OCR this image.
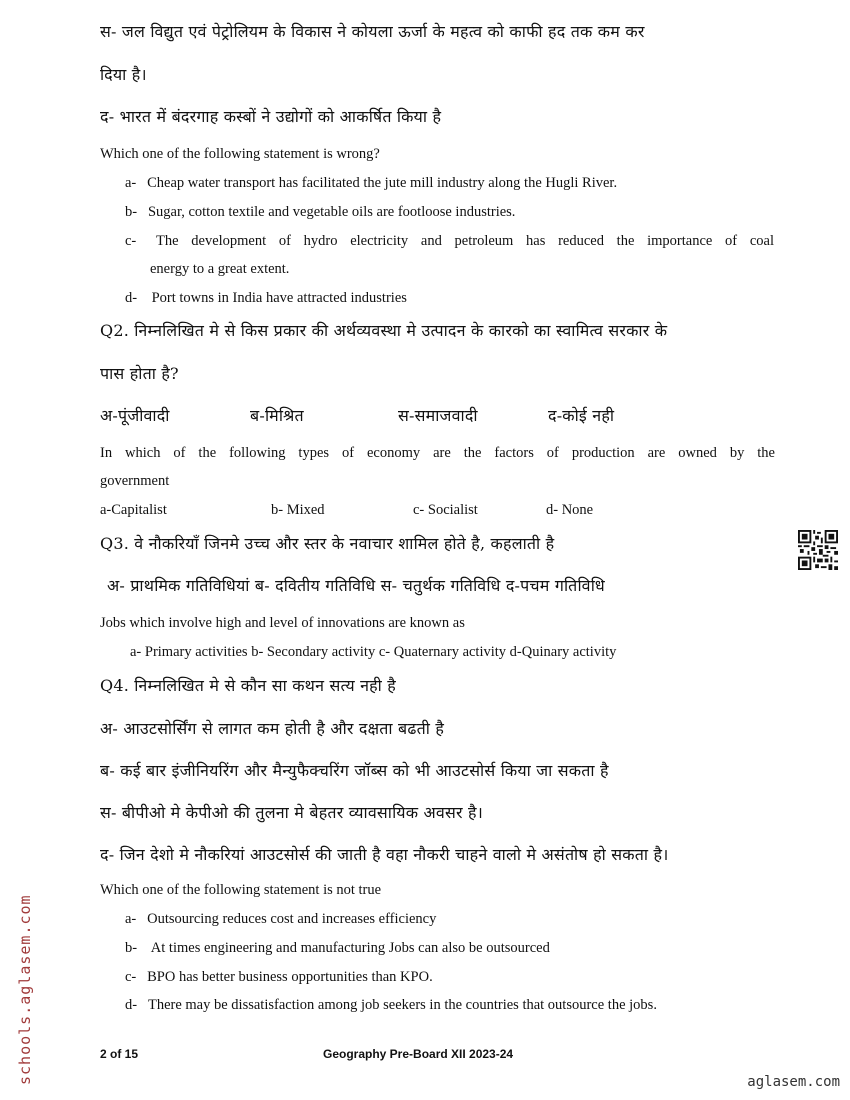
स- जल विद्युत एवं पेट्रोलियम के विकास ने कोयला ऊर्जा के महत्व को काफी हद तक कम कर
दिया है।
द- भारत में बंदरगाह कस्बों ने उद्योगों को आकर्षित किया है
Which one of the following statement is wrong?
a- Cheap water transport has facilitated the jute mill industry along the Hugli River.
b- Sugar, cotton textile and vegetable oils are footloose industries.
c- The development of hydro electricity and petroleum has reduced the importance of coal
energy to a great extent.
d- Port towns in India have attracted industries
Q2. निम्नलिखित मे से किस प्रकार की अर्थव्यवस्था मे उत्पादन के कारको का स्वामित्व सरकार के
पास होता है?
अ-पूंजीवादी	ब-मिश्रित	स-समाजवादी	द-कोई नही
In which of the following types of economy are the factors of production are owned by the
government
a-Capitalist	b- Mixed	c- Socialist	d- None
Q3. वे नौकरियाँ जिनमे उच्च और स्तर के नवाचार शामिल होते है, कहलाती है
अ- प्राथमिक गतिविधियां ब- दवितीय गतिविधि स- चतुर्थक गतिविधि द-पचम गतिविधि
Jobs which involve high and level of innovations are known as
a- Primary activities b- Secondary activity c- Quaternary activity d-Quinary activity
Q4. निम्नलिखित मे से कौन सा कथन सत्य नही है
अ- आउटसोर्सिंग से लागत कम होती है और दक्षता बढती है
ब- कई बार इंजीनियरिंग और मैन्युफैक्चरिंग जॉब्स को भी आउटसोर्स किया जा सकता है
स- बीपीओ मे केपीओ की तुलना मे बेहतर व्यावसायिक अवसर है।
द- जिन देशो मे नौकरियां आउटसोर्स की जाती है वहा नौकरी चाहने वालो मे असंतोष हो सकता है।
Which one of the following statement is not true
a- Outsourcing reduces cost and increases efficiency
b-    At times engineering and manufacturing Jobs can also be outsourced
c- BPO has better business opportunities than KPO.
d- There may be dissatisfaction among job seekers in the countries that outsource the jobs.
2 of 15	Geography Pre-Board XII 2023-24
schools.aglasem.com	aglasem.com
